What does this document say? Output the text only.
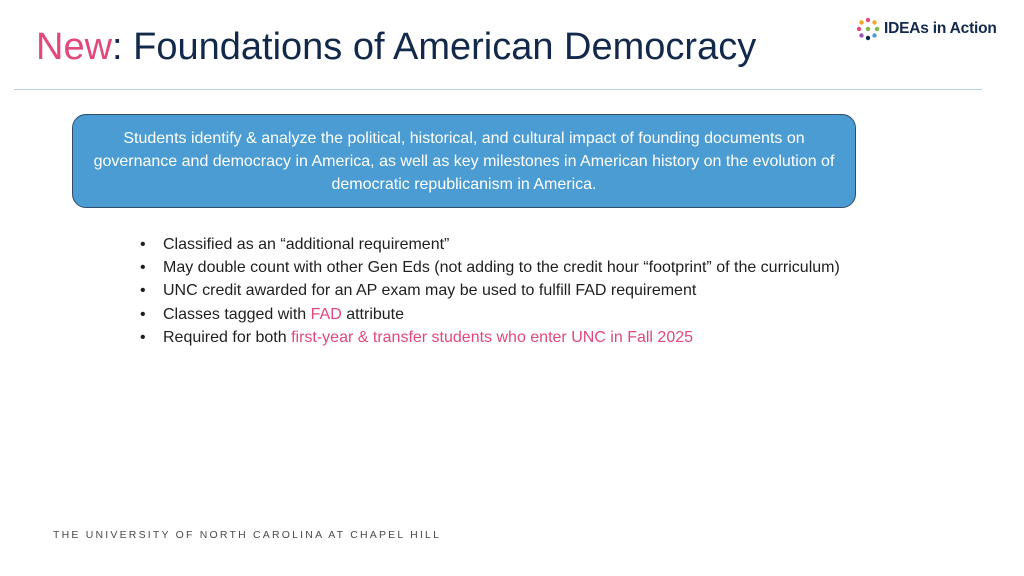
New: Foundations of American Democracy	IDEAs in Action
Students identify & analyze the political, historical, and cultural impact of founding documents on governance and democracy in America, as well as key milestones in American history on the evolution of democratic republicanism in America.
• Classified as an “additional requirement”
• May double count with other Gen Eds (not adding to the credit hour “footprint” of the curriculum)
• UNC credit awarded for an AP exam may be used to fulfill FAD requirement
• Classes tagged with FAD attribute
• Required for both first-year & transfer students who enter UNC in Fall 2025
THE UNIVERSITY OF NORTH CAROLINA AT CHAPEL HILL
